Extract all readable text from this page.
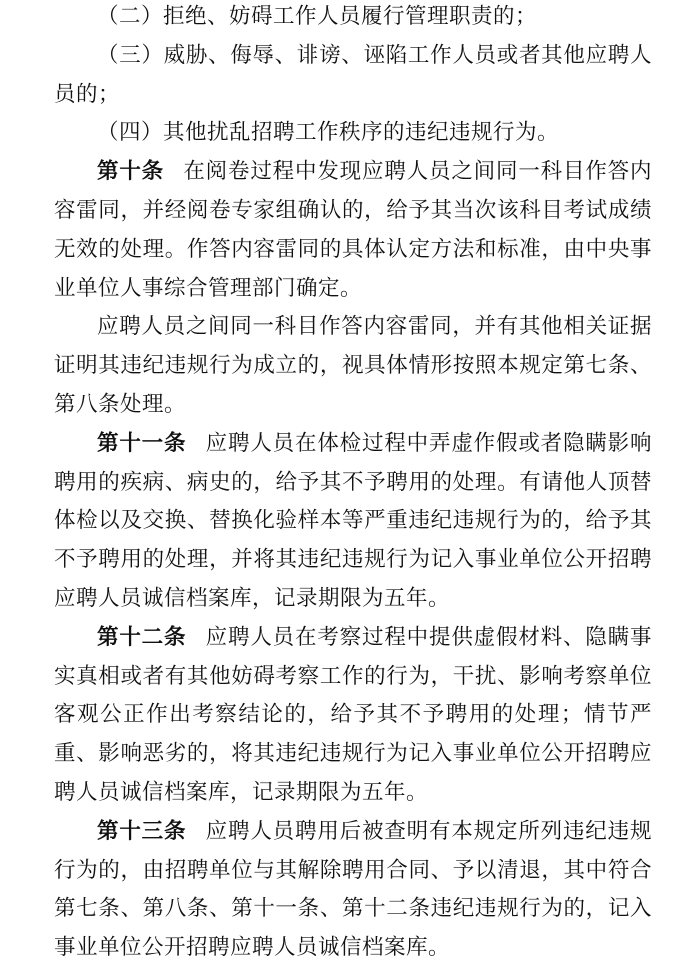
（二）拒绝、妨碍工作人员履行管理职责的；

（三）威胁、侮辱、诽谤、诬陷工作人员或者其他应聘人员的；

（四）其他扰乱招聘工作秩序的违纪违规行为。

第十条 在阅卷过程中发现应聘人员之间同一科目作答内容雷同，并经阅卷专家组确认的，给予其当次该科目考试成绩无效的处理。作答内容雷同的具体认定方法和标准，由中央事业单位人事综合管理部门确定。

应聘人员之间同一科目作答内容雷同，并有其他相关证据证明其违纪违规行为成立的，视具体情形按照本规定第七条、第八条处理。

第十一条 应聘人员在体检过程中弄虚作假或者隐瞒影响聘用的疾病、病史的，给予其不予聘用的处理。有请他人顶替体检以及交换、替换化验样本等严重违纪违规行为的，给予其不予聘用的处理，并将其违纪违规行为记入事业单位公开招聘应聘人员诚信档案库，记录期限为五年。

第十二条 应聘人员在考察过程中提供虚假材料、隐瞒事实真相或者有其他妨碍考察工作的行为，干扰、影响考察单位客观公正作出考察结论的，给予其不予聘用的处理；情节严重、影响恶劣的，将其违纪违规行为记入事业单位公开招聘应聘人员诚信档案库，记录期限为五年。

第十三条 应聘人员聘用后被查明有本规定所列违纪违规行为的，由招聘单位与其解除聘用合同、予以清退，其中符合第七条、第八条、第十一条、第十二条违纪违规行为的，记入事业单位公开招聘应聘人员诚信档案库。
